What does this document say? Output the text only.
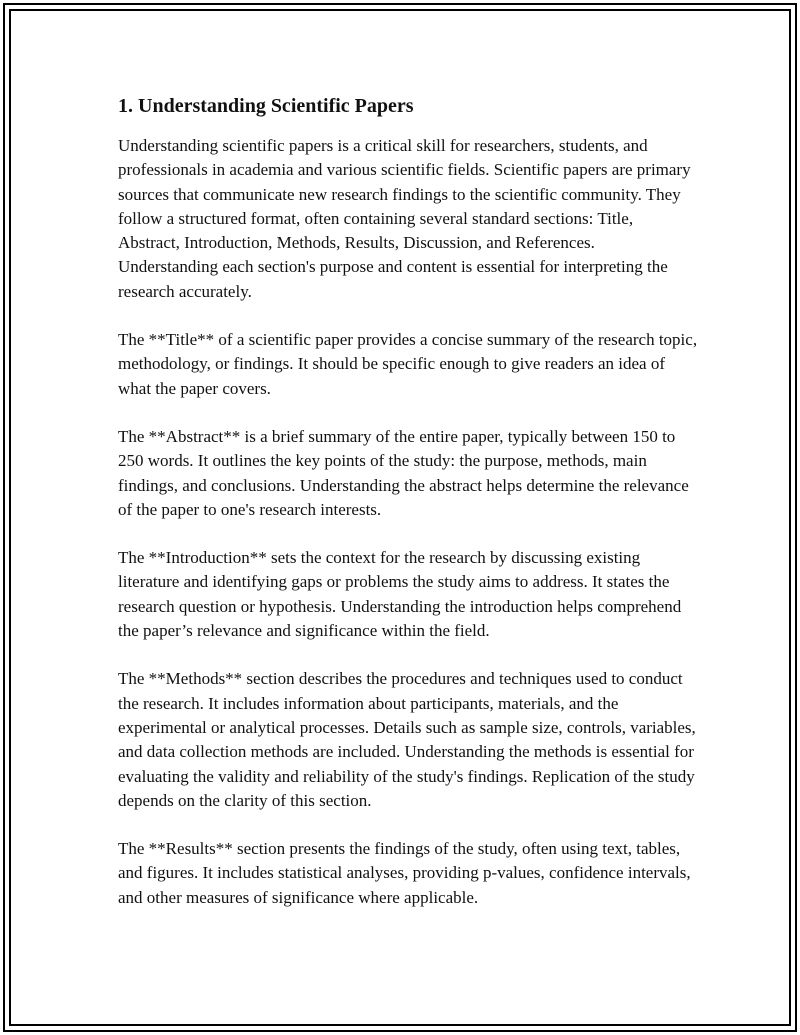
1. Understanding Scientific Papers

Understanding scientific papers is a critical skill for researchers, students, and professionals in academia and various scientific fields. Scientific papers are primary sources that communicate new research findings to the scientific community. They follow a structured format, often containing several standard sections: Title, Abstract, Introduction, Methods, Results, Discussion, and References. Understanding each section's purpose and content is essential for interpreting the research accurately.

The **Title** of a scientific paper provides a concise summary of the research topic, methodology, or findings. It should be specific enough to give readers an idea of what the paper covers.

The **Abstract** is a brief summary of the entire paper, typically between 150 to 250 words. It outlines the key points of the study: the purpose, methods, main findings, and conclusions. Understanding the abstract helps determine the relevance of the paper to one's research interests.

The **Introduction** sets the context for the research by discussing existing literature and identifying gaps or problems the study aims to address. It states the research question or hypothesis. Understanding the introduction helps comprehend the paper’s relevance and significance within the field.

The **Methods** section describes the procedures and techniques used to conduct the research. It includes information about participants, materials, and the experimental or analytical processes. Details such as sample size, controls, variables, and data collection methods are included. Understanding the methods is essential for evaluating the validity and reliability of the study's findings. Replication of the study depends on the clarity of this section.

The **Results** section presents the findings of the study, often using text, tables, and figures. It includes statistical analyses, providing p-values, confidence intervals, and other measures of significance where applicable.
